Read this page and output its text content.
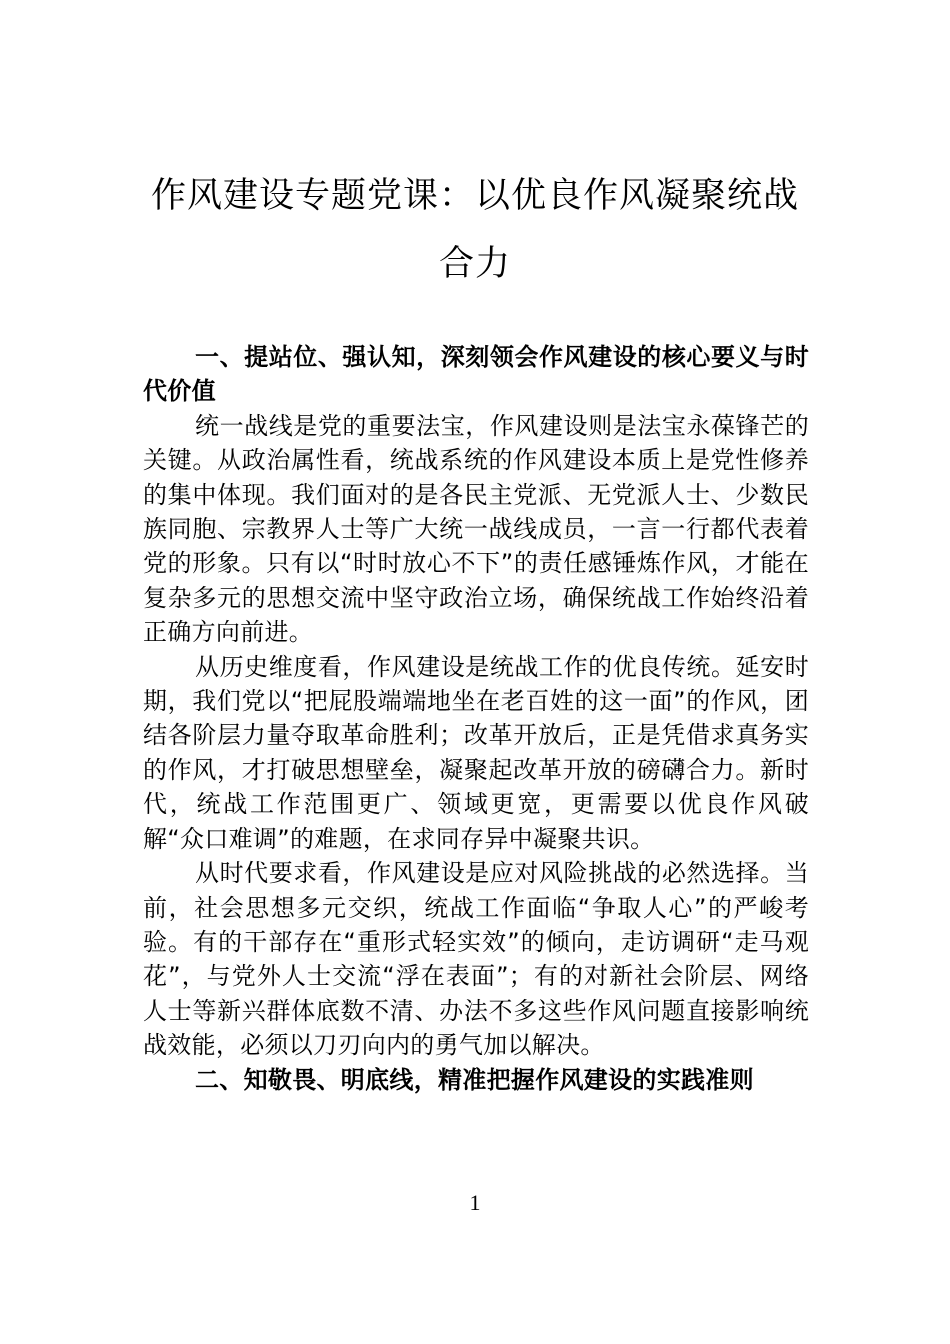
作风建设专题党课：以优良作风凝聚统战
合力

一、提站位、强认知，深刻领会作风建设的核心要义与时代价值

统一战线是党的重要法宝，作风建设则是法宝永葆锋芒的关键。从政治属性看，统战系统的作风建设本质上是党性修养的集中体现。我们面对的是各民主党派、无党派人士、少数民族同胞、宗教界人士等广大统一战线成员，一言一行都代表着党的形象。只有以“时时放心不下”的责任感锤炼作风，才能在复杂多元的思想交流中坚守政治立场，确保统战工作始终沿着正确方向前进。

从历史维度看，作风建设是统战工作的优良传统。延安时期，我们党以“把屁股端端地坐在老百姓的这一面”的作风，团结各阶层力量夺取革命胜利；改革开放后，正是凭借求真务实的作风，才打破思想壁垒，凝聚起改革开放的磅礴合力。新时代，统战工作范围更广、领域更宽，更需要以优良作风破解“众口难调”的难题，在求同存异中凝聚共识。

从时代要求看，作风建设是应对风险挑战的必然选择。当前，社会思想多元交织，统战工作面临“争取人心”的严峻考验。有的干部存在“重形式轻实效”的倾向，走访调研“走马观花”，与党外人士交流“浮在表面”；有的对新社会阶层、网络人士等新兴群体底数不清、办法不多这些作风问题直接影响统战效能，必须以刀刃向内的勇气加以解决。

二、知敬畏、明底线，精准把握作风建设的实践准则

1
